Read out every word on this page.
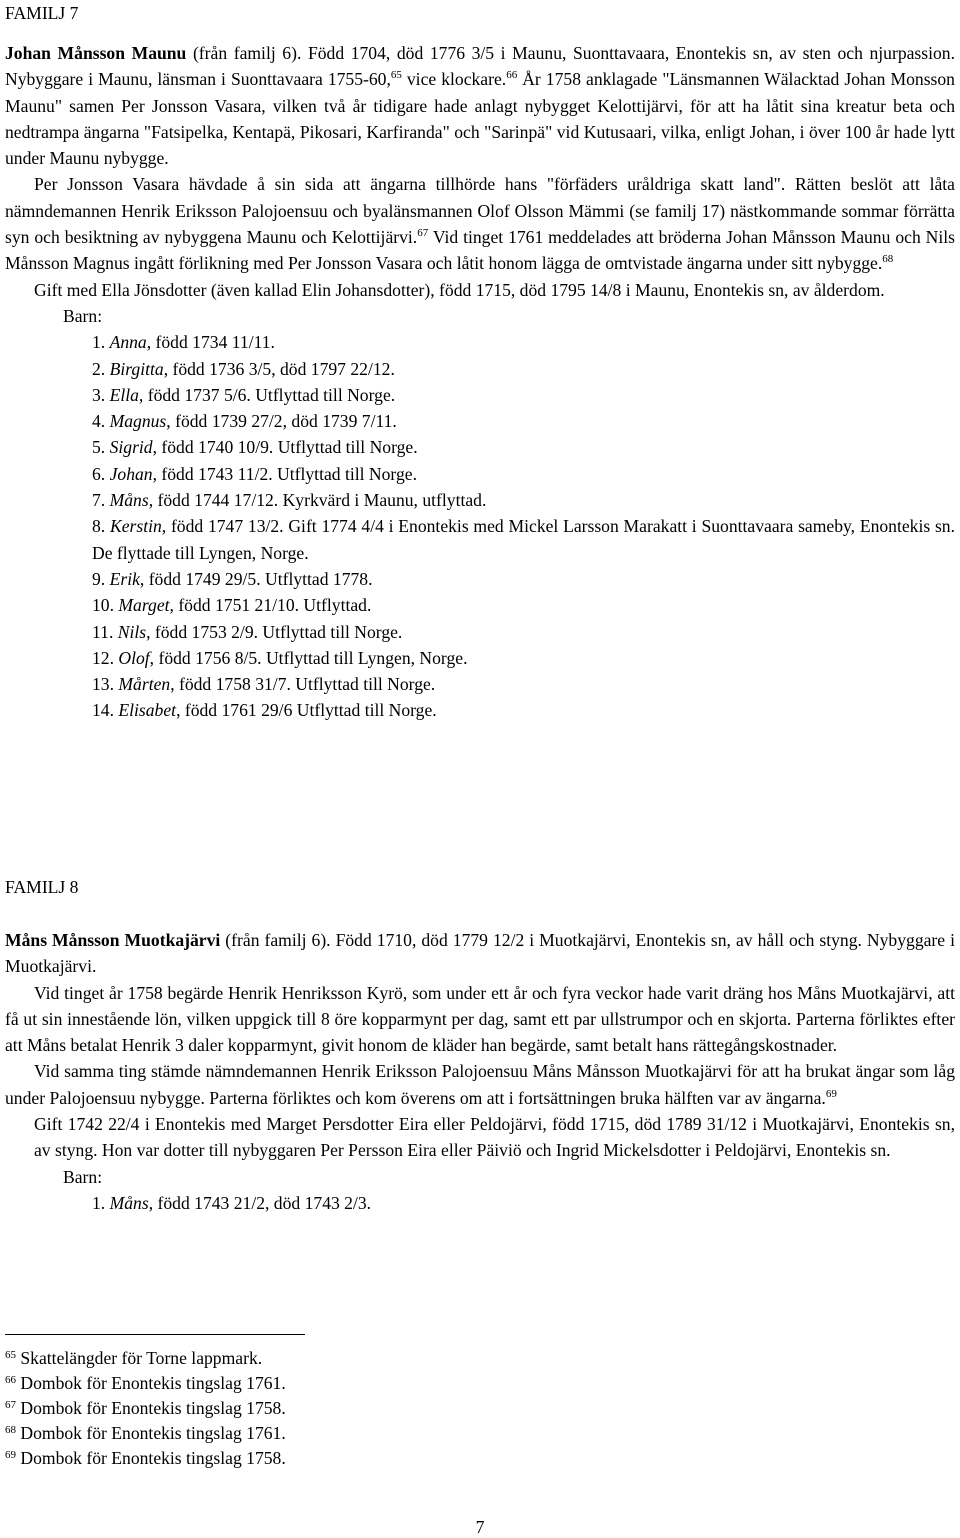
FAMILJ 7

Johan Månsson Maunu (från familj 6). Född 1704, död 1776 3/5 i Maunu, Suonttavaara, Enontekis sn, av sten och njurpassion. Nybyggare i Maunu, länsman i Suonttavaara 1755-60,65 vice klockare.$^{66}$ År 1758 anklagade "Länsmannen Wälacktad Johan Monsson Maunu" samen Per Jonsson Vasara, vilken två år tidigare hade anlagt nybygget Kelottijärvi, för att ha låtit sina kreatur beta och nedtrampa ängarna "Fatsipelka, Kentapä, Pikosari, Karfiranda" och "Sarinpä" vid Kutusaari, vilka, enligt Johan, i över 100 år hade lytt under Maunu nybygge.

Per Jonsson Vasara hävdade å sin sida att ängarna tillhörde hans "förfäders uråldriga skatt land". Rätten beslöt att låta nämndemannen Henrik Eriksson Palojoensuu och byalänsmannen Olof Olsson Mämmi (se familj 17) nästkommande sommar förrätta syn och besiktning av nybyggena Maunu och Kelottijärvi.$^{67}$ Vid tinget 1761 meddelades att bröderna Johan Månsson Maunu och Nils Månsson Magnus ingått förlikning med Per Jonsson Vasara och låtit honom lägga de omtvistade ängarna under sitt nybygge.$^{68}$

Gift med Ella Jönsdotter (även kallad Elin Johansdotter), född 1715, död 1795 14/8 i Maunu, Enontekis sn, av ålderdom.

Barn:

1. Anna, född 1734 11/11.

2. Birgitta, född 1736 3/5, död 1797 22/12.

3. Ella, född 1737 5/6. Utflyttad till Norge.

4. Magnus, född 1739 27/2, död 1739 7/11.

5. Sigrid, född 1740 10/9. Utflyttad till Norge.

6. Johan, född 1743 11/2. Utflyttad till Norge.

7. Måns, född 1744 17/12. Kyrkvärd i Maunu, utflyttad.

8. Kerstin, född 1747 13/2. Gift 1774 4/4 i Enontekis med Mickel Larsson Marakatt i Suonttavaara sameby, Enontekis sn. De flyttade till Lyngen, Norge.

9. Erik, född 1749 29/5. Utflyttad 1778.

10. Marget, född 1751 21/10. Utflyttad.

11. Nils, född 1753 2/9. Utflyttad till Norge.

12. Olof, född 1756 8/5. Utflyttad till Lyngen, Norge.

13. Mårten, född 1758 31/7. Utflyttad till Norge.

14. Elisabet, född 1761 29/6 Utflyttad till Norge.

FAMILJ 8

Måns Månsson Muotkajärvi (från familj 6). Född 1710, död 1779 12/2 i Muotkajärvi, Enontekis sn, av håll och styng. Nybyggare i Muotkajärvi.

Vid tinget år 1758 begärde Henrik Henriksson Kyrö, som under ett år och fyra veckor hade varit dräng hos Måns Muotkajärvi, att få ut sin innestående lön, vilken uppgick till 8 öre kopparmynt per dag, samt ett par ullstrumpor och en skjorta. Parterna förliktes efter att Måns betalat Henrik 3 daler kopparmynt, givit honom de kläder han begärde, samt betalt hans rättegångskostnader.

Vid samma ting stämde nämndemannen Henrik Eriksson Palojoensuu Måns Månsson Muotkajärvi för att ha brukat ängar som låg under Palojoensuu nybygge. Parterna förliktes och kom överens om att i fortsättningen bruka hälften var av ängarna.$^{69}$

Gift 1742 22/4 i Enontekis med Marget Persdotter Eira eller Peldojärvi, född 1715, död 1789 31/12 i Muotkajärvi, Enontekis sn, av styng. Hon var dotter till nybyggaren Per Persson Eira eller Päiviö och Ingrid Mickelsdotter i Peldojärvi, Enontekis sn.

Barn:

1. Måns, född 1743 21/2, död 1743 2/3.

$^{65}$ Skattelängder för Torne lappmark.

$^{66}$ Dombok för Enontekis tingslag 1761.

$^{67}$ Dombok för Enontekis tingslag 1758.

$^{68}$ Dombok för Enontekis tingslag 1761.

$^{69}$ Dombok för Enontekis tingslag 1758.

7
